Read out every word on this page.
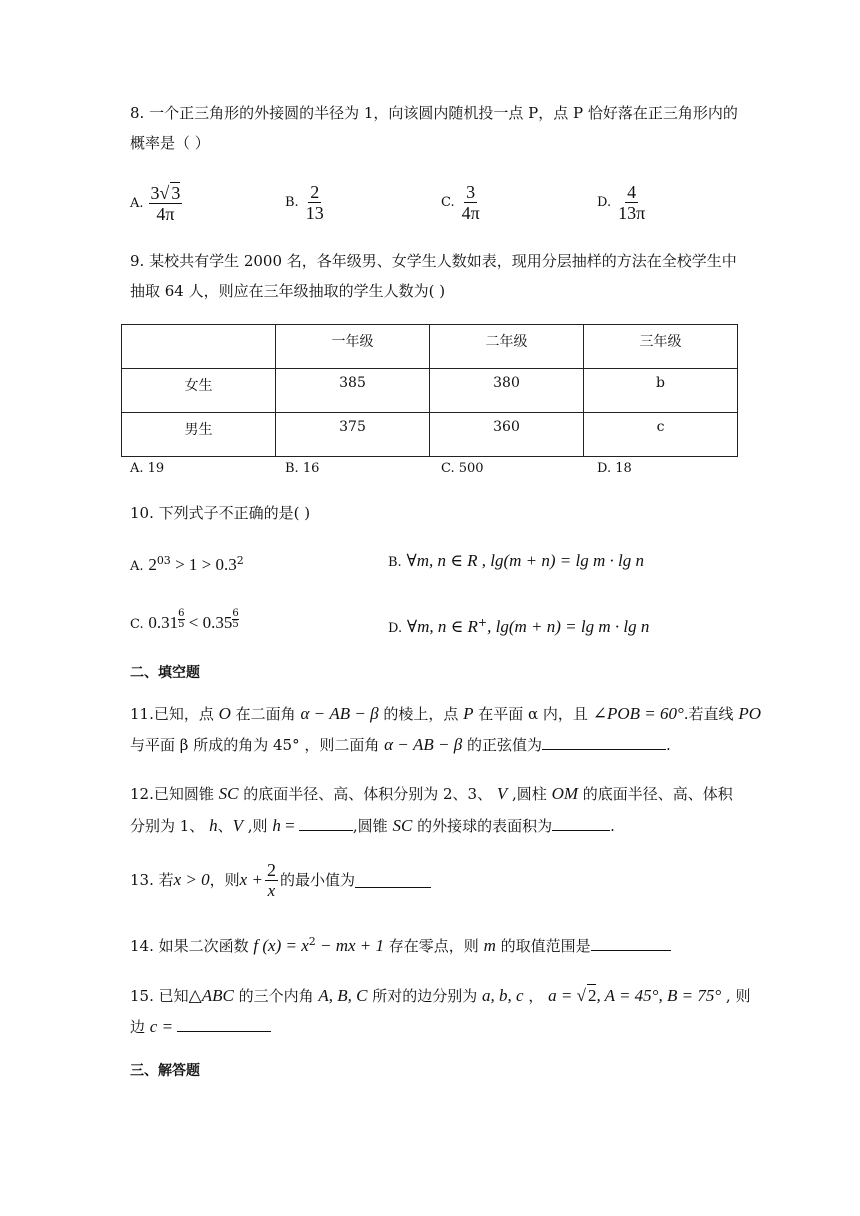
8. 一个正三角形的外接圆的半径为 1，向该圆内随机投一点 P，点 P 恰好落在正三角形内的
概率是（ ）
A. $\frac{3√ 3}{4\pi}$	B. $\frac{2}{13}$	C. $\frac{3}{4\pi}$	D. $\frac{4}{13\pi}$
9. 某校共有学生 2000 名，各年级男、女学生人数如表，现用分层抽样的方法在全校学生中
抽取 64 人，则应在三年级抽取的学生人数为( )
	一年级	二年级	三年级
女生	385	380	b
男生	375	360	c
A. 19	B. 16	C. 500	D. 18
10. 下列式子不正确的是( )
A. $2^{03} > 1 > 0.3^2$	B. ∀m, n ∈ R , lg(m + n) = lg m · lg n
C. $0.31 \frac{6}{5} < 0.35 \frac{6}{5}$	D. ∀m, n ∈ R+, lg(m + n) = lg m · lg n
二、填空题
11.已知，点 O 在二面角 α − AB − β 的棱上，点 P 在平面 α 内，且 ∠POB = 60°.若直线 PO
与平面 β 所成的角为 45° ，则二面角 α − AB − β 的正弦值为	.
12.已知圆锥 SC 的底面半径、高、体积分别为 2、3、 V ,圆柱 OM 的底面半径、高、体积
分别为 1、 h、V ,则 h =	,圆锥 SC 的外接球的表面积为	.
13. 若 x > 0 ，则 $x + \frac{2}{x}$ 的最小值为
14. 如果二次函数 f $(x) = x^2$ − mx + 1 存在零点，则 m 的取值范围是
15. 已知△ABC 的三个内角 A, B, C 所对的边分别为 a, b, c ， a = √ 2, A = 45°, B = 75° , 则
边 c =
三、解答题
